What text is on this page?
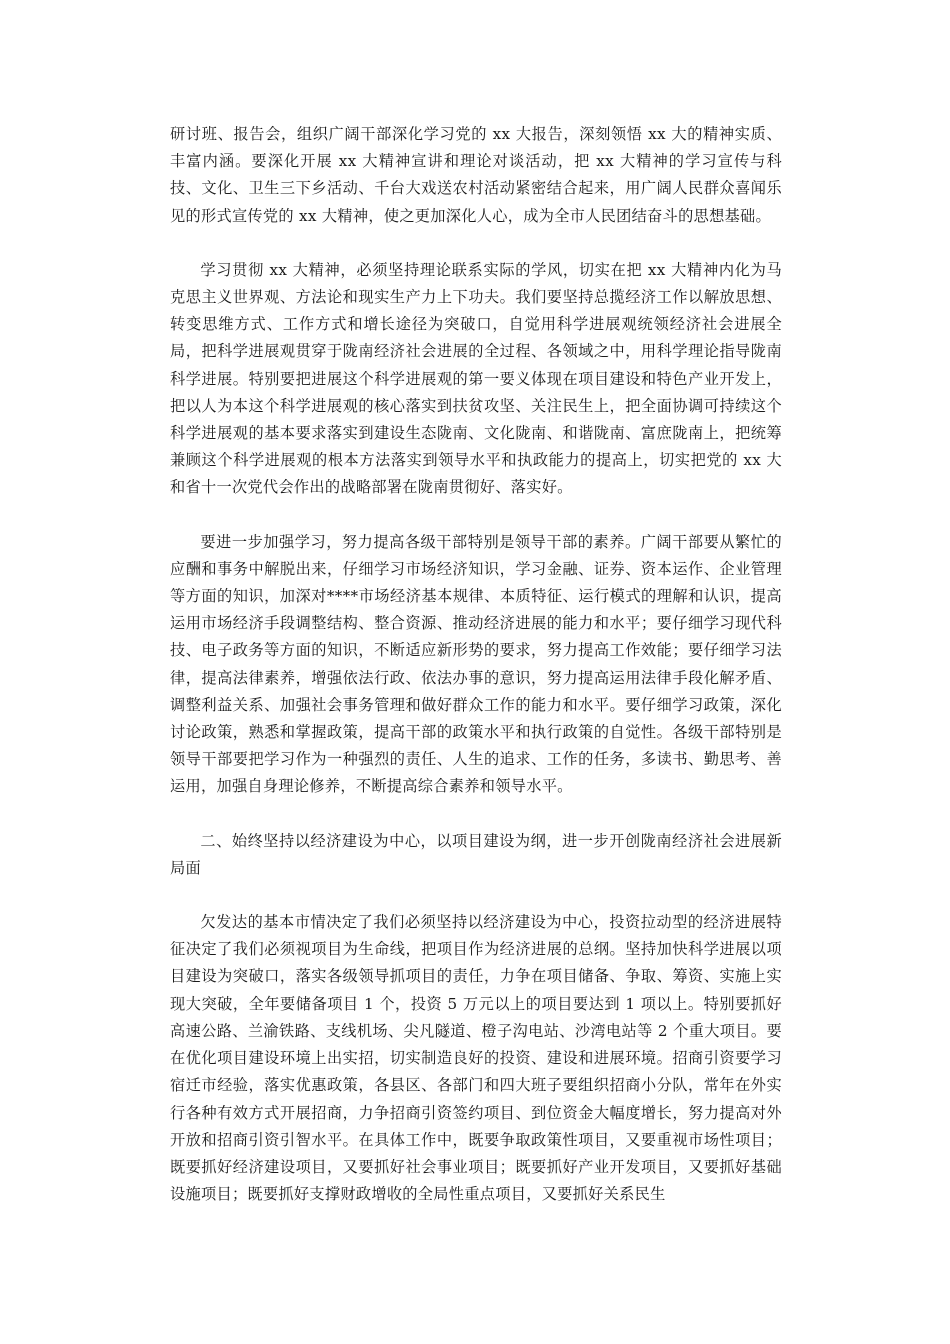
研讨班、报告会，组织广阔干部深化学习党的 xx 大报告，深刻领悟 xx 大的精神实质、丰富内涵。要深化开展 xx 大精神宣讲和理论对谈活动，把 xx 大精神的学习宣传与科技、文化、卫生三下乡活动、千台大戏送农村活动紧密结合起来，用广阔人民群众喜闻乐见的形式宣传党的 xx 大精神，使之更加深化人心，成为全市人民团结奋斗的思想基础。

学习贯彻 xx 大精神，必须坚持理论联系实际的学风，切实在把 xx 大精神内化为马克思主义世界观、方法论和现实生产力上下功夫。我们要坚持总揽经济工作以解放思想、转变思维方式、工作方式和增长途径为突破口，自觉用科学进展观统领经济社会进展全局，把科学进展观贯穿于陇南经济社会进展的全过程、各领域之中，用科学理论指导陇南科学进展。特别要把进展这个科学进展观的第一要义体现在项目建设和特色产业开发上，把以人为本这个科学进展观的核心落实到扶贫攻坚、关注民生上，把全面协调可持续这个科学进展观的基本要求落实到建设生态陇南、文化陇南、和谐陇南、富庶陇南上，把统筹兼顾这个科学进展观的根本方法落实到领导水平和执政能力的提高上，切实把党的 xx 大和省十一次党代会作出的战略部署在陇南贯彻好、落实好。

要进一步加强学习，努力提高各级干部特别是领导干部的素养。广阔干部要从繁忙的应酬和事务中解脱出来，仔细学习市场经济知识，学习金融、证券、资本运作、企业管理等方面的知识，加深对****市场经济基本规律、本质特征、运行模式的理解和认识，提高运用市场经济手段调整结构、整合资源、推动经济进展的能力和水平；要仔细学习现代科技、电子政务等方面的知识，不断适应新形势的要求，努力提高工作效能；要仔细学习法律，提高法律素养，增强依法行政、依法办事的意识，努力提高运用法律手段化解矛盾、调整利益关系、加强社会事务管理和做好群众工作的能力和水平。要仔细学习政策，深化讨论政策，熟悉和掌握政策，提高干部的政策水平和执行政策的自觉性。各级干部特别是领导干部要把学习作为一种强烈的责任、人生的追求、工作的任务，多读书、勤思考、善运用，加强自身理论修养，不断提高综合素养和领导水平。

二、始终坚持以经济建设为中心，以项目建设为纲，进一步开创陇南经济社会进展新局面

欠发达的基本市情决定了我们必须坚持以经济建设为中心，投资拉动型的经济进展特征决定了我们必须视项目为生命线，把项目作为经济进展的总纲。坚持加快科学进展以项目建设为突破口，落实各级领导抓项目的责任，力争在项目储备、争取、筹资、实施上实现大突破，全年要储备项目 1 个，投资 5 万元以上的项目要达到 1 项以上。特别要抓好高速公路、兰渝铁路、支线机场、尖凡隧道、橙子沟电站、沙湾电站等 2 个重大项目。要在优化项目建设环境上出实招，切实制造良好的投资、建设和进展环境。招商引资要学习宿迁市经验，落实优惠政策，各县区、各部门和四大班子要组织招商小分队，常年在外实行各种有效方式开展招商，力争招商引资签约项目、到位资金大幅度增长，努力提高对外开放和招商引资引智水平。在具体工作中，既要争取政策性项目，又要重视市场性项目；既要抓好经济建设项目，又要抓好社会事业项目；既要抓好产业开发项目，又要抓好基础设施项目；既要抓好支撑财政增收的全局性重点项目，又要抓好关系民生
